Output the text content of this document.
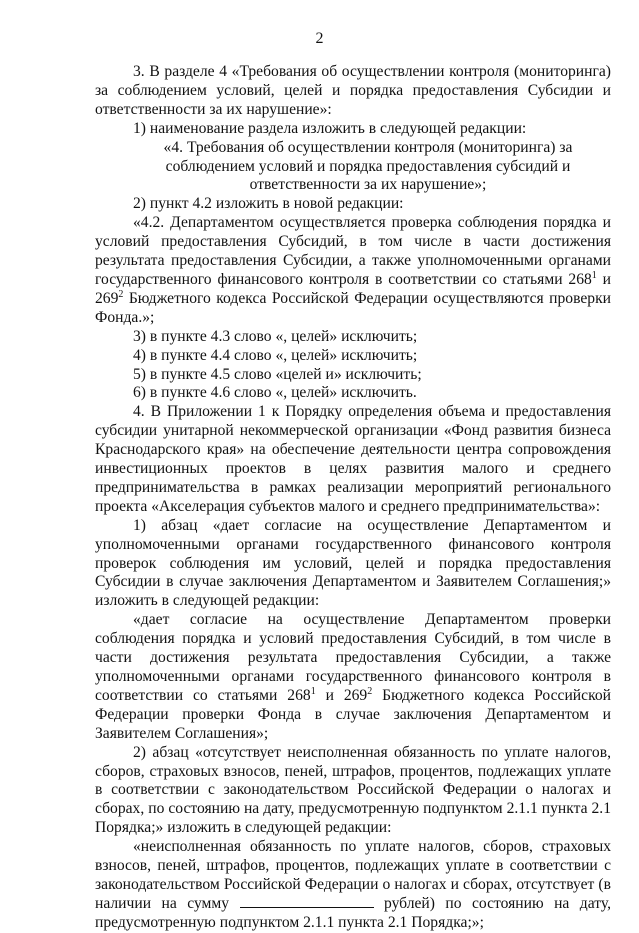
2

3. В разделе 4 «Требования об осуществлении контроля (мониторинга) за соблюдением условий, целей и порядка предоставления Субсидии и ответственности за их нарушение»:

1) наименование раздела изложить в следующей редакции:

«4. Требования об осуществлении контроля (мониторинга) за соблюдением условий и порядка предоставления субсидий и ответственности за их нарушение»;

2) пункт 4.2 изложить в новой редакции:

«4.2. Департаментом осуществляется проверка соблюдения порядка и условий предоставления Субсидий, в том числе в части достижения результата предоставления Субсидии, а также уполномоченными органами государственного финансового контроля в соответствии со статьями $268^1$ и $269^2$ Бюджетного кодекса Российской Федерации осуществляются проверки Фонда.»;

3) в пункте 4.3 слово «, целей» исключить;

4) в пункте 4.4 слово «, целей» исключить;

5) в пункте 4.5 слово «целей и» исключить;

6) в пункте 4.6 слово «, целей» исключить.

4. В Приложении 1 к Порядку определения объема и предоставления субсидии унитарной некоммерческой организации «Фонд развития бизнеса Краснодарского края» на обеспечение деятельности центра сопровождения инвестиционных проектов в целях развития малого и среднего предпринимательства в рамках реализации мероприятий регионального проекта «Акселерация субъектов малого и среднего предпринимательства»:

1) абзац «дает согласие на осуществление Департаментом и уполномоченными органами государственного финансового контроля проверок соблюдения им условий, целей и порядка предоставления Субсидии в случае заключения Департаментом и Заявителем Соглашения;» изложить в следующей редакции:

«дает согласие на осуществление Департаментом проверки соблюдения порядка и условий предоставления Субсидий, в том числе в части достижения результата предоставления Субсидии, а также уполномоченными органами государственного финансового контроля в соответствии со статьями $268^1$ и $269^2$ Бюджетного кодекса Российской Федерации проверки Фонда в случае заключения Департаментом и Заявителем Соглашения»;

2) абзац «отсутствует неисполненная обязанность по уплате налогов, сборов, страховых взносов, пеней, штрафов, процентов, подлежащих уплате в соответствии с законодательством Российской Федерации о налогах и сборах, по состоянию на дату, предусмотренную подпунктом 2.1.1 пункта 2.1 Порядка;» изложить в следующей редакции:

«неисполненная обязанность по уплате налогов, сборов, страховых взносов, пеней, штрафов, процентов, подлежащих уплате в соответствии с законодательством Российской Федерации о налогах и сборах, отсутствует (в наличии на сумму	рублей) по состоянию на дату, предусмотренную подпунктом 2.1.1 пункта 2.1 Порядка;»;
